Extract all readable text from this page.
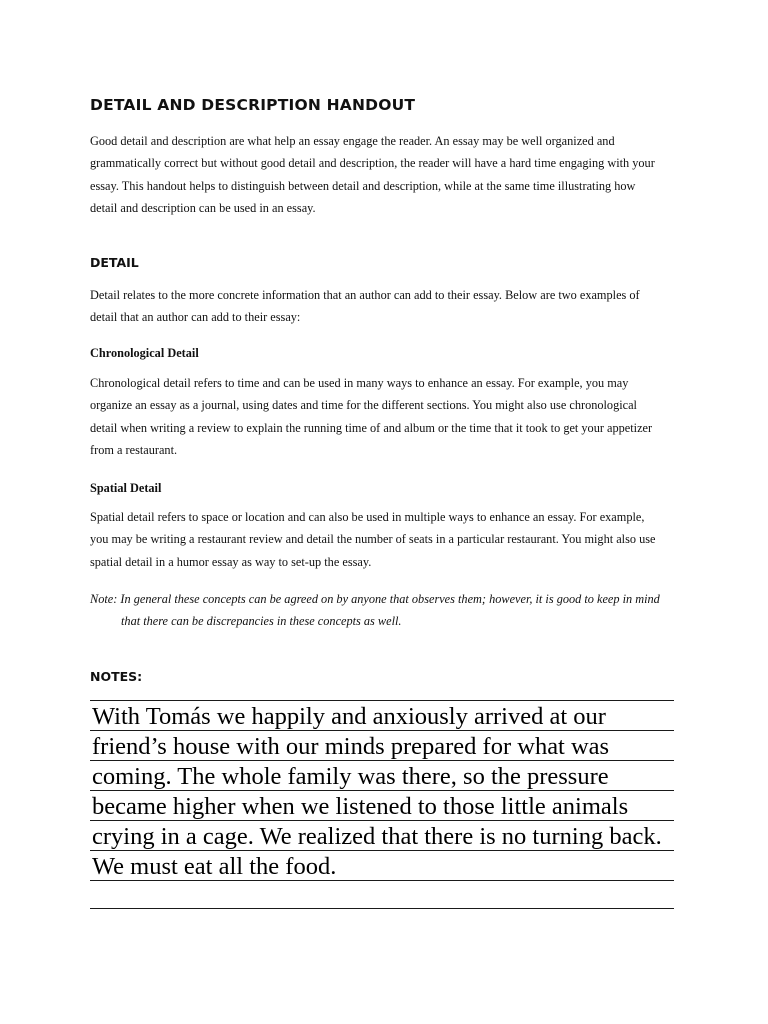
DETAIL AND DESCRIPTION HANDOUT
Good detail and description are what help an essay engage the reader. An essay may be well organized and
grammatically correct but without good detail and description, the reader will have a hard time engaging with your
essay. This handout helps to distinguish between detail and description, while at the same time illustrating how
detail and description can be used in an essay.
DETAIL
Detail relates to the more concrete information that an author can add to their essay. Below are two examples of
detail that an author can add to their essay:
Chronological Detail
Chronological detail refers to time and can be used in many ways to enhance an essay. For example, you may
organize an essay as a journal, using dates and time for the different sections. You might also use chronological
detail when writing a review to explain the running time of and album or the time that it took to get your appetizer
from a restaurant.
Spatial Detail
Spatial detail refers to space or location and can also be used in multiple ways to enhance an essay. For example,
you may be writing a restaurant review and detail the number of seats in a particular restaurant. You might also use
spatial detail in a humor essay as way to set-up the essay.
Note: In general these concepts can be agreed on by anyone that observes them; however, it is good to keep in mind
that there can be discrepancies in these concepts as well.
NOTES:
With Tomás we happily and anxiously arrived at our
friend’s house with our minds prepared for what was
coming. The whole family was there, so the pressure
became higher when we listened to those little animals
crying in a cage. We realized that there is no turning back.
We must eat all the food.
